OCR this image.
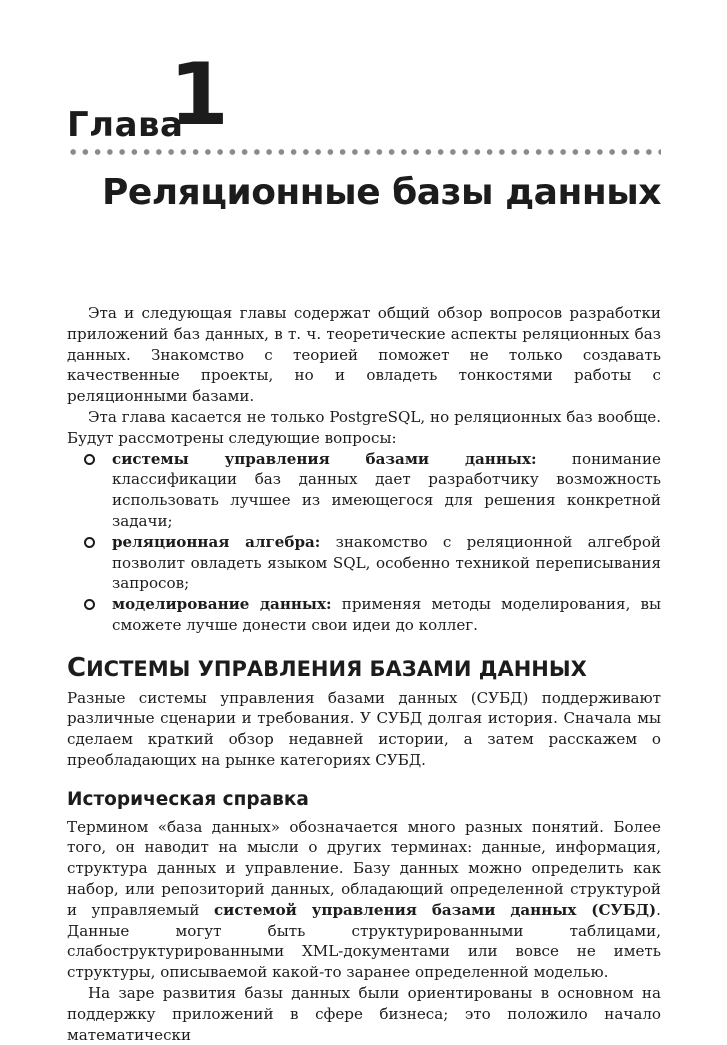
Глава
1
Реляционные базы данных

Эта и следующая главы содержат общий обзор вопросов разработки приложений баз данных, в т. ч. теоретические аспекты реляционных баз данных. Знакомство с теорией поможет не только создавать качественные проекты, но и овладеть тонкостями работы с реляционными базами.

Эта глава касается не только PostgreSQL, но реляционных баз вообще. Будут рассмотрены следующие вопросы:

системы управления базами данных: понимание классификации баз данных дает разработчику возможность использовать лучшее из имеющегося для решения конкретной задачи;
реляционная алгебра: знакомство с реляционной алгеброй позволит овладеть языком SQL, особенно техникой переписывания запросов;
моделирование данных: применяя методы моделирования, вы сможете лучше донести свои идеи до коллег.
СИСТЕМЫ УПРАВЛЕНИЯ БАЗАМИ ДАННЫХ

Разные системы управления базами данных (СУБД) поддерживают различные сценарии и требования. У СУБД долгая история. Сначала мы сделаем краткий обзор недавней истории, а затем расскажем о преобладающих на рынке категориях СУБД.

Историческая справка

Термином «база данных» обозначается много разных понятий. Более того, он наводит на мысли о других терминах: данные, информация, структура данных и управление. Базу данных можно определить как набор, или репозиторий данных, обладающий определенной структурой и управляемый системой управления базами данных (СУБД). Данные могут быть структурированными таблицами, слабоструктурированными XML-документами или вовсе не иметь структуры, описываемой какой-то заранее определенной моделью.

На заре развития базы данных были ориентированы в основном на поддержку приложений в сфере бизнеса; это положило начало математически
